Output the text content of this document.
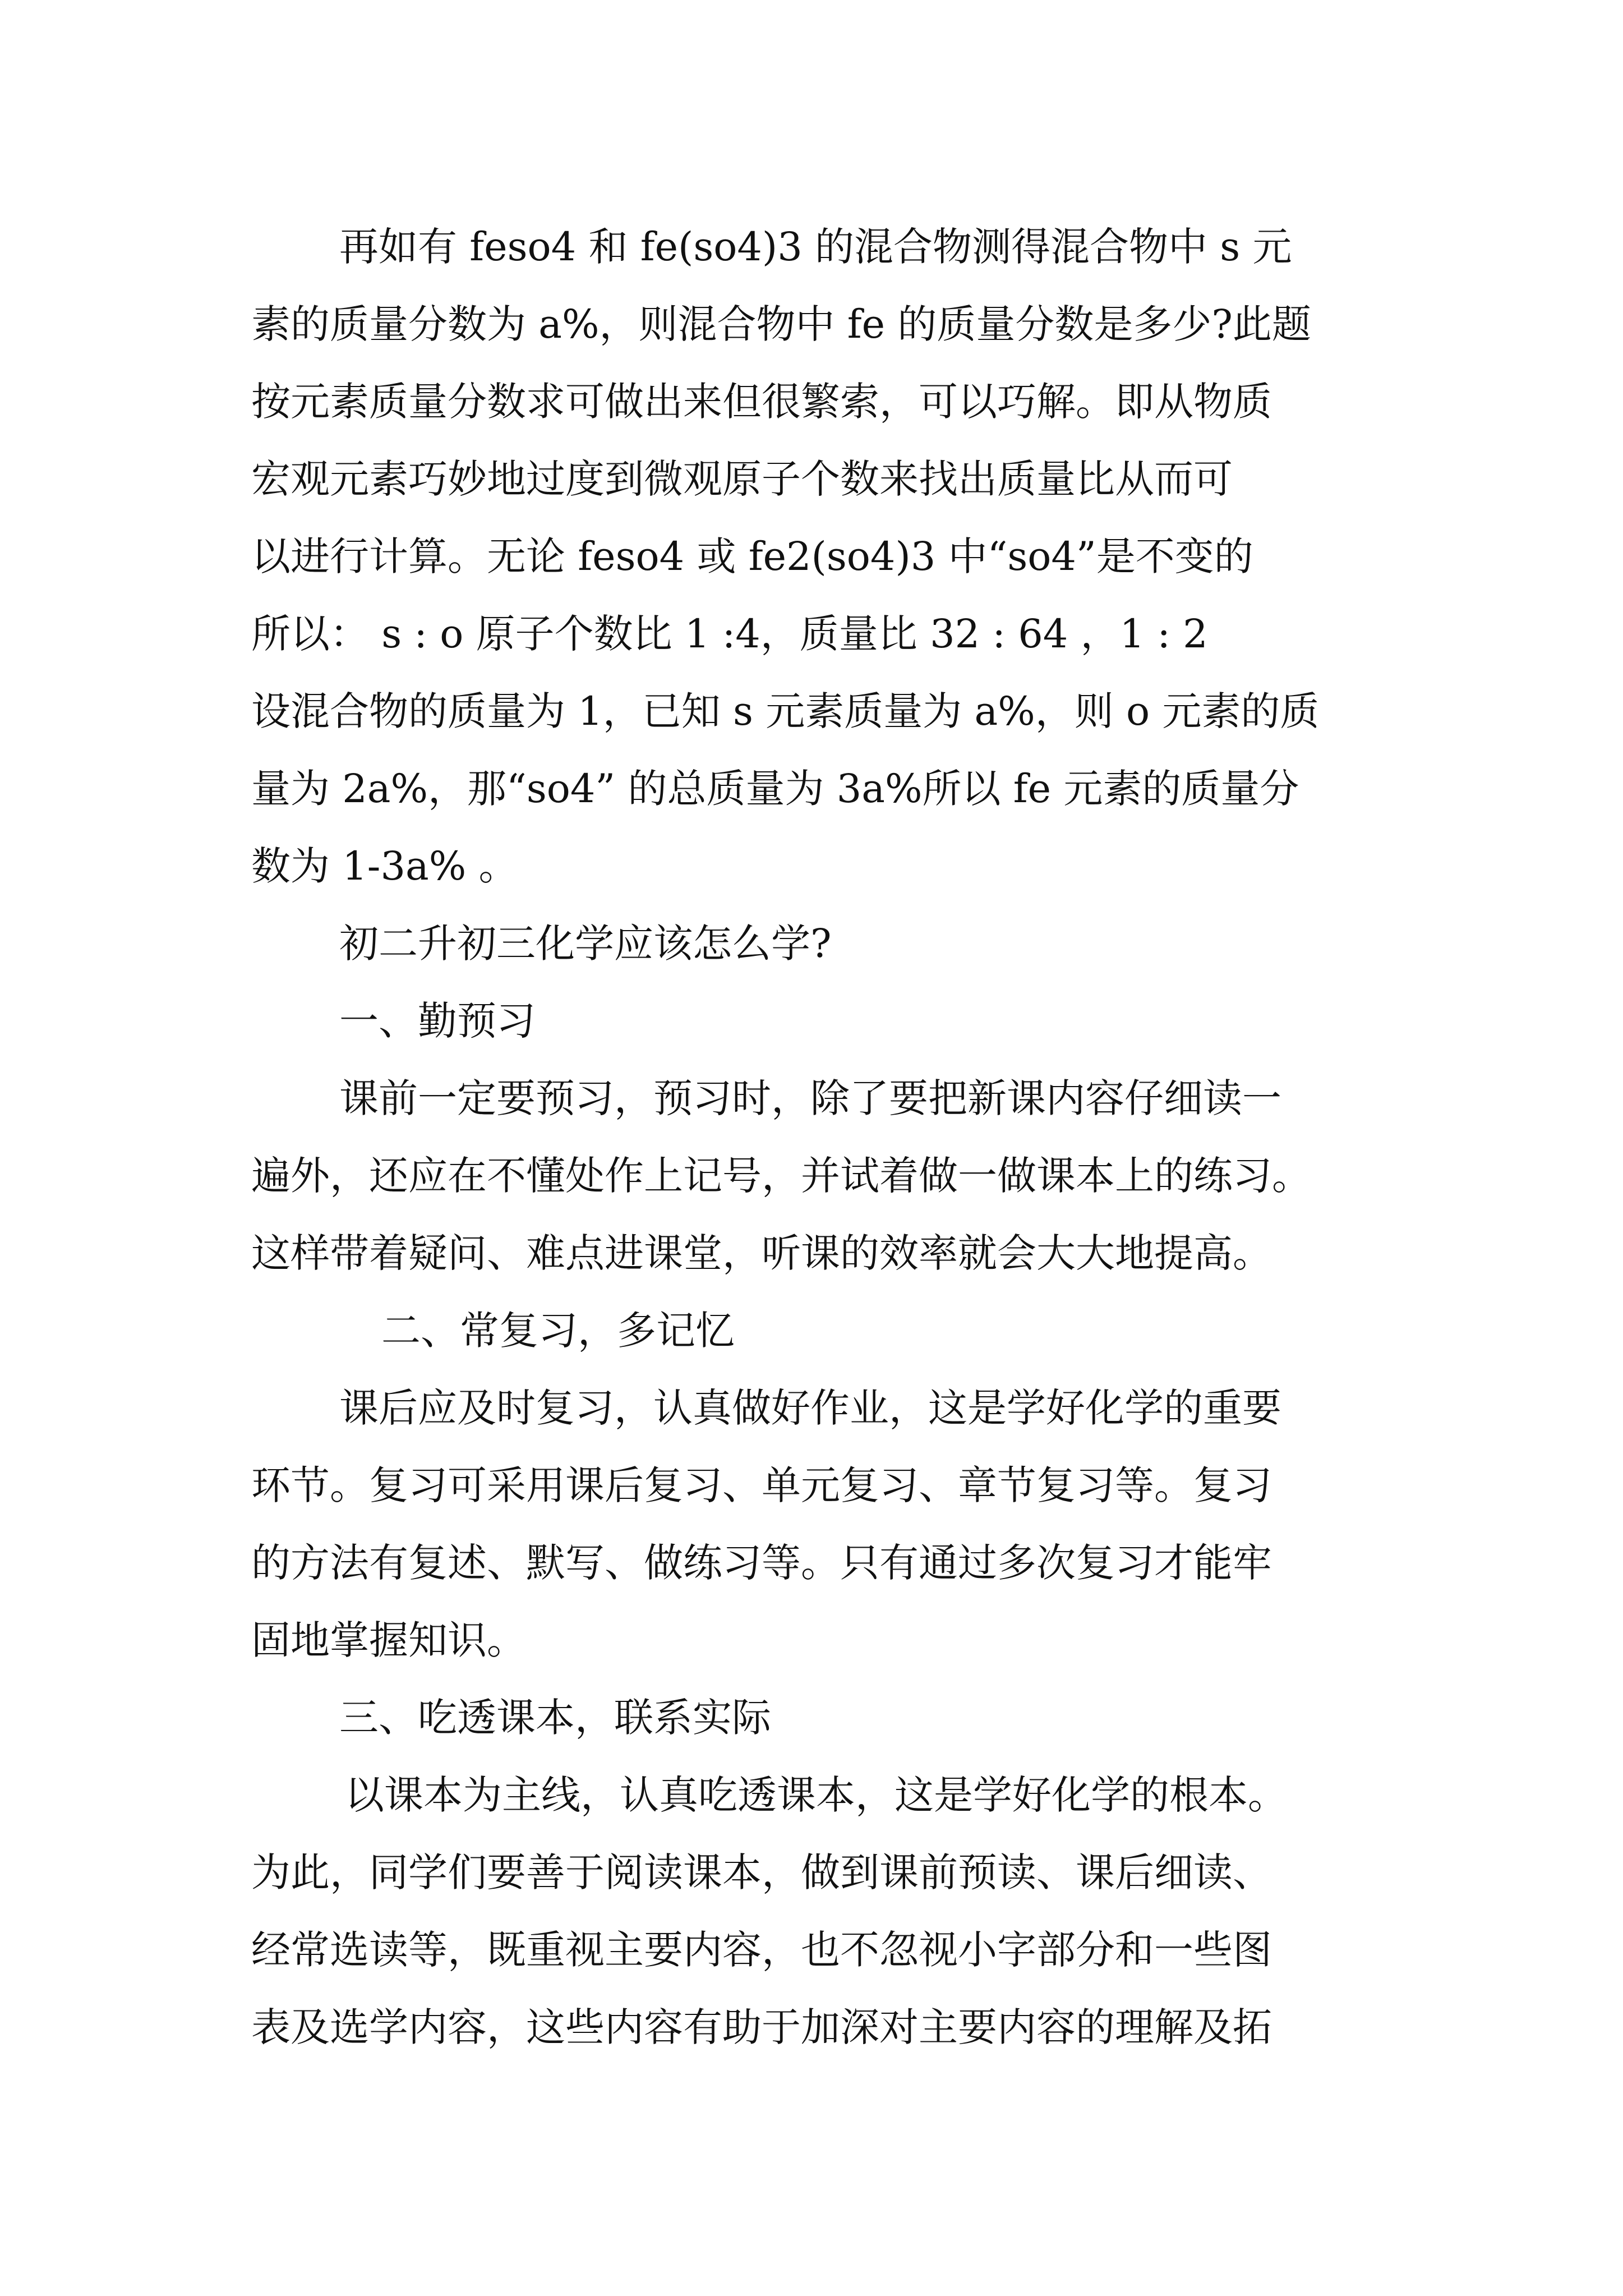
再如有 feso4 和 fe(so4)3 的混合物测得混合物中 s 元

素的质量分数为 a%，则混合物中 fe 的质量分数是多少?此题

按元素质量分数求可做出来但很繁索，可以巧解。即从物质

宏观元素巧妙地过度到微观原子个数来找出质量比从而可

以进行计算。无论 feso4 或 fe2(so4)3 中“so4”是不变的

所以： s : o 原子个数比 1 :4，质量比 32 : 64 ，1 : 2

设混合物的质量为 1，已知 s 元素质量为 a%，则 o 元素的质

量为 2a%，那“so4” 的总质量为 3a%所以 fe 元素的质量分

数为 1-3a% 。

初二升初三化学应该怎么学?

一、勤预习

课前一定要预习，预习时，除了要把新课内容仔细读一

遍外，还应在不懂处作上记号，并试着做一做课本上的练习。

这样带着疑问、难点进课堂，听课的效率就会大大地提高。

二、常复习，多记忆

课后应及时复习，认真做好作业，这是学好化学的重要

环节。复习可采用课后复习、单元复习、章节复习等。复习

的方法有复述、默写、做练习等。只有通过多次复习才能牢

固地掌握知识。

三、吃透课本，联系实际

以课本为主线，认真吃透课本，这是学好化学的根本。

为此，同学们要善于阅读课本，做到课前预读、课后细读、

经常选读等，既重视主要内容，也不忽视小字部分和一些图

表及选学内容，这些内容有助于加深对主要内容的理解及拓
